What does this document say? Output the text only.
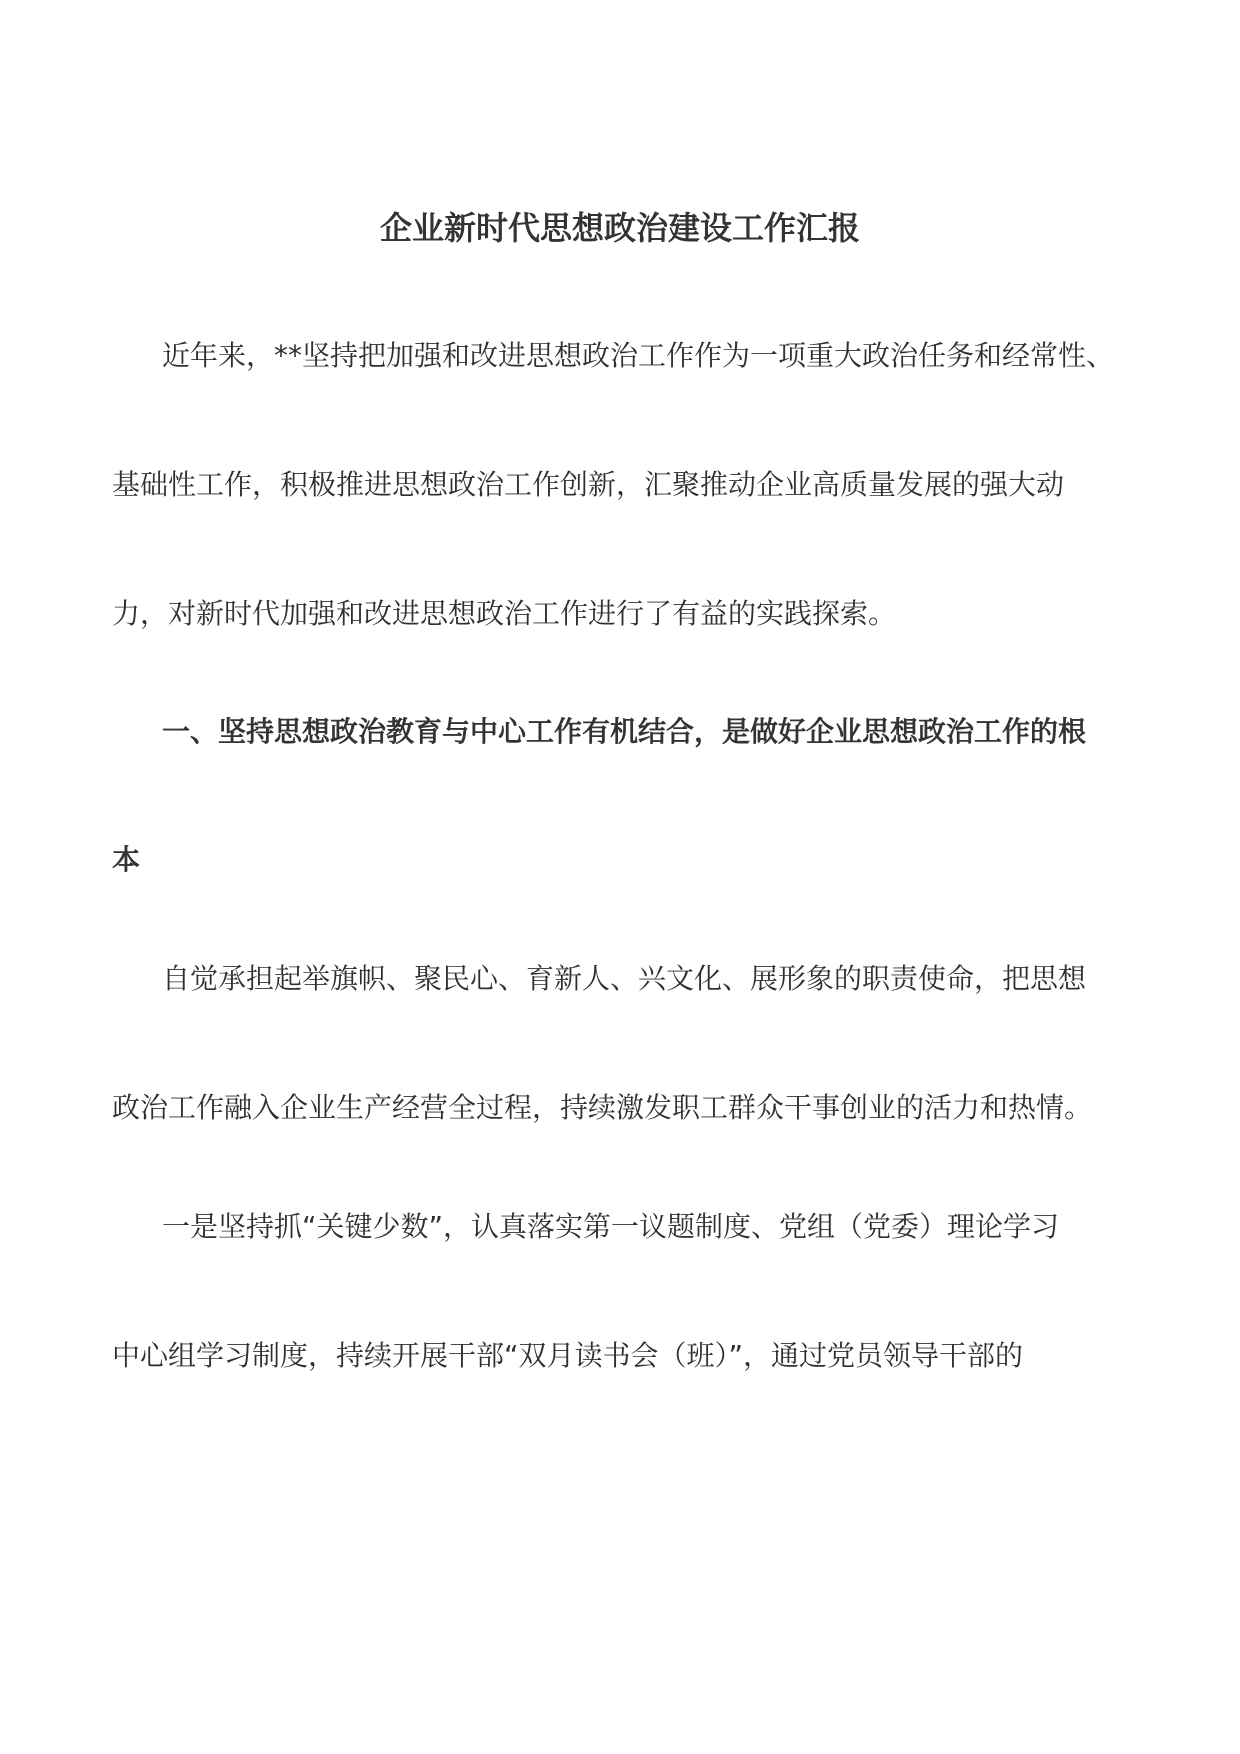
企业新时代思想政治建设工作汇报

近年来，**坚持把加强和改进思想政治工作作为一项重大政治任务和经常性、

基础性工作，积极推进思想政治工作创新，汇聚推动企业高质量发展的强大动

力，对新时代加强和改进思想政治工作进行了有益的实践探索。

一、坚持思想政治教育与中心工作有机结合，是做好企业思想政治工作的根

本

自觉承担起举旗帜、聚民心、育新人、兴文化、展形象的职责使命，把思想

政治工作融入企业生产经营全过程，持续激发职工群众干事创业的活力和热情。

一是坚持抓“关键少数”，认真落实第一议题制度、党组（党委）理论学习

中心组学习制度，持续开展干部“双月读书会（班）”，通过党员领导干部的
